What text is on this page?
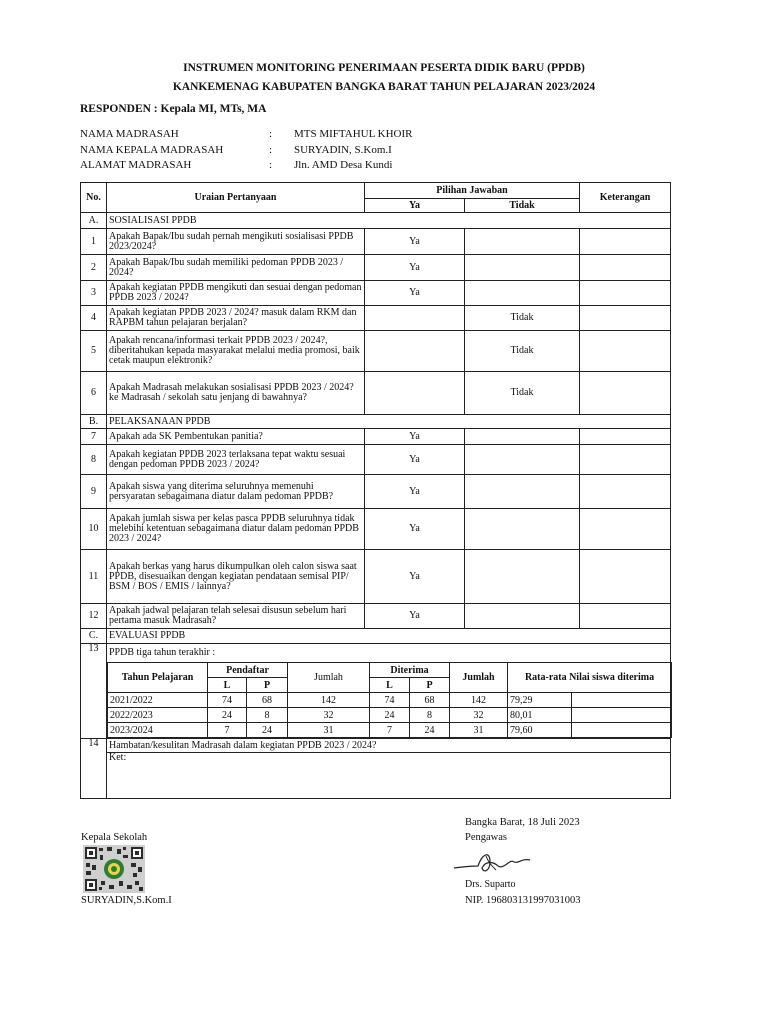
INSTRUMEN MONITORING PENERIMAAN PESERTA DIDIK BARU (PPDB)
KANKEMENAG KABUPATEN BANGKA BARAT TAHUN PELAJARAN 2023/2024
RESPONDEN : Kepala MI, MTs, MA
NAMA MADRASAH	: MTS MIFTAHUL KHOIR
NAMA KEPALA MADRASAH	: SURYADIN, S.Kom.I
ALAMAT MADRASAH	: Jln. AMD Desa Kundi
No.	Uraian Pertanyaan	Pilihan Jawaban	Keterangan
Ya	Tidak
A.	SOSIALISASI PPDB
1	Apakah Bapak/Ibu sudah pernah mengikuti sosialisasi PPDB 2023/2024?	Ya		
2	Apakah Bapak/Ibu sudah memiliki pedoman PPDB 2023 / 2024?	Ya		
3	Apakah kegiatan PPDB mengikuti dan sesuai dengan pedoman PPDB 2023 / 2024?	Ya		
4	Apakah kegiatan PPDB 2023 / 2024? masuk dalam RKM dan RAPBM tahun pelajaran berjalan?		Tidak	
5	Apakah rencana/informasi terkait PPDB 2023 / 2024?, diberitahukan kepada masyarakat melalui media promosi, baik cetak maupun elektronik?		Tidak	
6	Apakah Madrasah melakukan sosialisasi PPDB 2023 / 2024? ke Madrasah / sekolah satu jenjang di bawahnya?		Tidak	
B.	PELAKSANAAN PPDB
7	Apakah ada SK Pembentukan panitia?	Ya		
8	Apakah kegiatan PPDB 2023 terlaksana tepat waktu sesuai dengan pedoman PPDB 2023 / 2024?	Ya		
9	Apakah siswa yang diterima seluruhnya memenuhi persyaratan sebagaimana diatur dalam pedoman PPDB?	Ya		
10	Apakah jumlah siswa per kelas pasca PPDB seluruhnya tidak melebihi ketentuan sebagaimana diatur dalam pedoman PPDB 2023 / 2024?	Ya		
11	Apakah berkas yang harus dikumpulkan oleh calon siswa saat PPDB, disesuaikan dengan kegiatan pendataan semisal PIP/ BSM / BOS / EMIS / lainnya?	Ya		
12	Apakah jadwal pelajaran telah selesai disusun sebelum hari pertama masuk Madrasah?	Ya		
C.	EVALUASI PPDB
13	PPDB tiga tahun terakhir :
Tahun Pelajaran	Pendaftar	Jumlah	Diterima	Jumlah	Rata-rata Nilai siswa diterima
L	P	L	P
2021/2022	74	68	142	74	68	142	79,29	
2022/2023	24	8	32	24	8	32	80,01	
2023/2024	7	24	31	7	24	31	79,60	

14	Hambatan/kesulitan Madrasah dalam kegiatan PPDB 2023 / 2024?
Ket:
Bangka Barat, 18 Juli 2023
Kepala Sekolah	Pengawas
Drs. Suparto
SURYADIN,S.Kom.I	NIP. 196803131997031003
